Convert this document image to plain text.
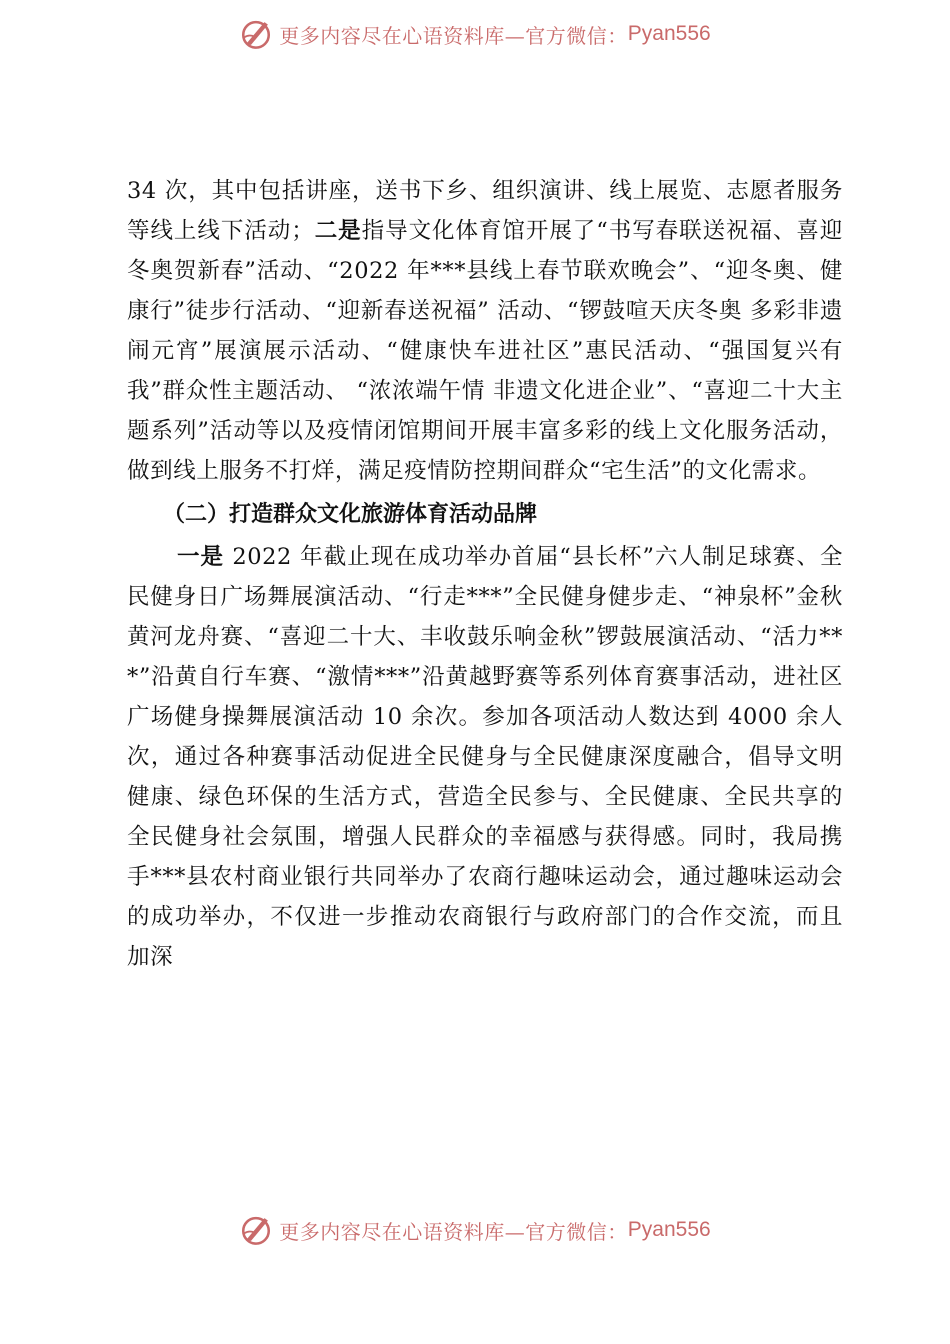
更多内容尽在心语资料库—官方微信： Pyan556

34 次，其中包括讲座，送书下乡、组织演讲、线上展览、志愿者服务等线上线下活动；二是指导文化体育馆开展了“书写春联送祝福、喜迎冬奥贺新春”活动、“2022 年***县线上春节联欢晚会”、“迎冬奥、健康行”徒步行活动、“迎新春送祝福” 活动、“锣鼓喧天庆冬奥 多彩非遗闹元宵”展演展示活动、“健康快车进社区”惠民活动、“强国复兴有我”群众性主题活动、 “浓浓端午情 非遗文化进企业”、“喜迎二十大主题系列”活动等以及疫情闭馆期间开展丰富多彩的线上文化服务活动， 做到线上服务不打烊，满足疫情防控期间群众“宅生活”的文化需求。

（二）打造群众文化旅游体育活动品牌

一是 2022 年截止现在成功举办首届“县长杯”六人制足球赛、全民健身日广场舞展演活动、“行走***”全民健身健步走、“神泉杯”金秋黄河龙舟赛、“喜迎二十大、丰收鼓乐响金秋”锣鼓展演活动、“活力***”沿黄自行车赛、“激情***”沿黄越野赛等系列体育赛事活动，进社区广场健身操舞展演活动 10 余次。参加各项活动人数达到 4000 余人次，通过各种赛事活动促进全民健身与全民健康深度融合，倡导文明健康、绿色环保的生活方式，营造全民参与、全民健康、全民共享的全民健身社会氛围，增强人民群众的幸福感与获得感。同时，我局携手***县农村商业银行共同举办了农商行趣味运动会，通过趣味运动会的成功举办，不仅进一步推动农商银行与政府部门的合作交流，而且加深

更多内容尽在心语资料库—官方微信： Pyan556
